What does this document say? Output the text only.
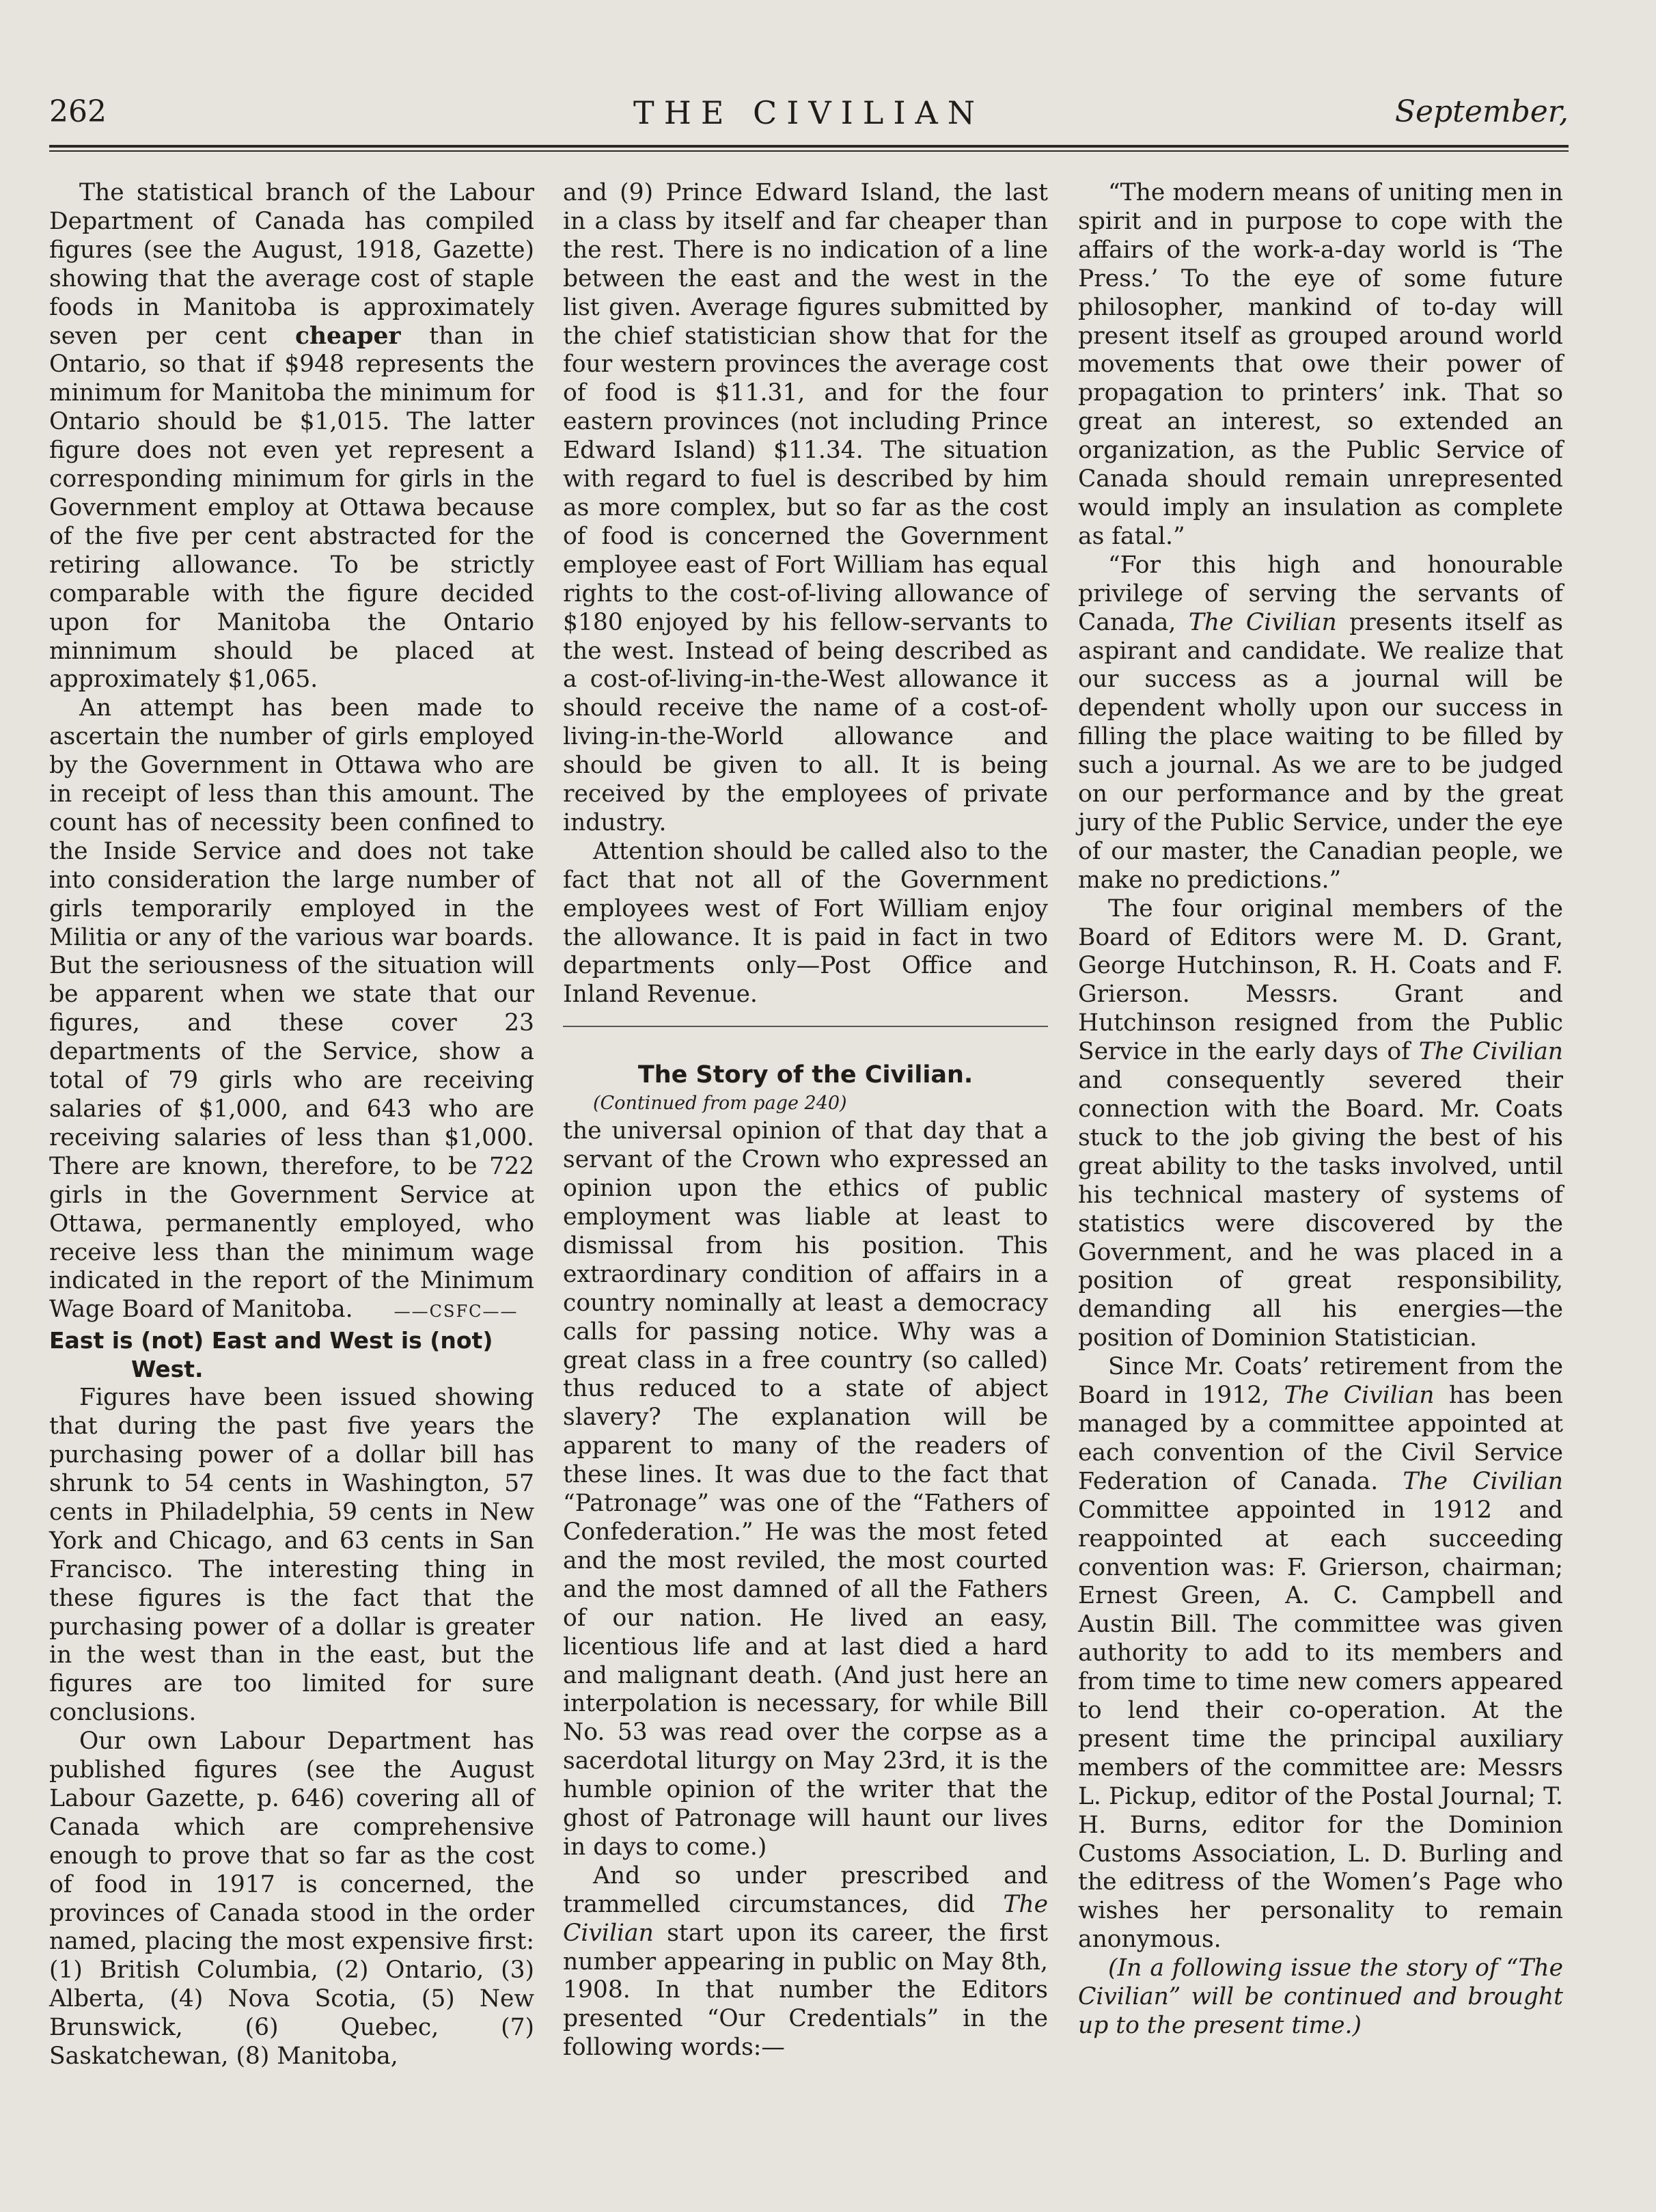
262	THE CIVILIAN	September,

The statistical branch of the Labour Department of Canada has compiled figures (see the August, 1918, Gazette) showing that the average cost of staple foods in Manitoba is approximately seven per cent cheaper than in Ontario, so that if $948 represents the minimum for Manitoba the minimum for Ontario should be $1,015. The latter figure does not even yet represent a corresponding minimum for girls in the Government employ at Ottawa because of the five per cent abstracted for the retiring allowance. To be strictly comparable with the figure decided upon for Manitoba the Ontario minnimum should be placed at approximately $1,065.

An attempt has been made to ascertain the number of girls employed by the Government in Ottawa who are in receipt of less than this amount. The count has of necessity been confined to the Inside Service and does not take into consideration the large number of girls temporarily employed in the Militia or any of the various war boards. But the seriousness of the situation will be apparent when we state that our figures, and these cover 23 departments of the Service, show a total of 79 girls who are receiving salaries of $1,000, and 643 who are receiving salaries of less than $1,000. There are known, therefore, to be 722 girls in the Government Service at Ottawa, permanently employed, who receive less than the minimum wage indicated in the report of the Minimum Wage Board of Manitoba.	——CSFC——

East is (not) East and West is (not)
West.

Figures have been issued showing that during the past five years the purchasing power of a dollar bill has shrunk to 54 cents in Washington, 57 cents in Philadelphia, 59 cents in New York and Chicago, and 63 cents in San Francisco. The interesting thing in these figures is the fact that the purchasing power of a dollar is greater in the west than in the east, but the figures are too limited for sure conclusions.

Our own Labour Department has published figures (see the August Labour Gazette, p. 646) covering all of Canada which are comprehensive enough to prove that so far as the cost of food in 1917 is concerned, the provinces of Canada stood in the order named, placing the most expensive first: (1) British Columbia, (2) Ontario, (3) Alberta, (4) Nova Scotia, (5) New Brunswick, (6) Quebec, (7) Saskatchewan, (8) Manitoba,

and (9) Prince Edward Island, the last in a class by itself and far cheaper than the rest. There is no indication of a line between the east and the west in the list given. Average figures submitted by the chief statistician show that for the four western provinces the average cost of food is $11.31, and for the four eastern provinces (not including Prince Edward Island) $11.34. The situation with regard to fuel is described by him as more complex, but so far as the cost of food is concerned the Government employee east of Fort William has equal rights to the cost-of-living allowance of $180 enjoyed by his fellow-servants to the west. Instead of being described as a cost-of-living-in-the-West allowance it should receive the name of a cost-of-living-in-the-World allowance and should be given to all. It is being received by the employees of private industry.

Attention should be called also to the fact that not all of the Government employees west of Fort William enjoy the allowance. It is paid in fact in two departments only—Post Office and Inland Revenue.

The Story of the Civilian.

(Continued from page 240)

the universal opinion of that day that a servant of the Crown who expressed an opinion upon the ethics of public employment was liable at least to dismissal from his position. This extraordinary condition of affairs in a country nominally at least a democracy calls for passing notice. Why was a great class in a free country (so called) thus reduced to a state of abject slavery? The explanation will be apparent to many of the readers of these lines. It was due to the fact that “Patronage” was one of the “Fathers of Confederation.” He was the most feted and the most reviled, the most courted and the most damned of all the Fathers of our nation. He lived an easy, licentious life and at last died a hard and malignant death. (And just here an interpolation is necessary, for while Bill No. 53 was read over the corpse as a sacerdotal liturgy on May 23rd, it is the humble opinion of the writer that the ghost of Patronage will haunt our lives in days to come.)

And so under prescribed and trammelled circumstances, did The Civilian start upon its career, the first number appearing in public on May 8th, 1908. In that number the Editors presented “Our Credentials” in the following words:—

“The modern means of uniting men in spirit and in purpose to cope with the affairs of the work-a-day world is ‘The Press.’ To the eye of some future philosopher, mankind of to-day will present itself as grouped around world movements that owe their power of propagation to printers’ ink. That so great an interest, so extended an organization, as the Public Service of Canada should remain unrepresented would imply an insulation as complete as fatal.”

“For this high and honourable privilege of serving the servants of Canada, The Civilian presents itself as aspirant and candidate. We realize that our success as a journal will be dependent wholly upon our success in filling the place waiting to be filled by such a journal. As we are to be judged on our performance and by the great jury of the Public Service, under the eye of our master, the Canadian people, we make no predictions.”

The four original members of the Board of Editors were M. D. Grant, George Hutchinson, R. H. Coats and F. Grierson. Messrs. Grant and Hutchinson resigned from the Public Service in the early days of The Civilian and consequently severed their connection with the Board. Mr. Coats stuck to the job giving the best of his great ability to the tasks involved, until his technical mastery of systems of statistics were discovered by the Government, and he was placed in a position of great responsibility, demanding all his energies—the position of Dominion Statistician.

Since Mr. Coats’ retirement from the Board in 1912, The Civilian has been managed by a committee appointed at each convention of the Civil Service Federation of Canada. The Civilian Committee appointed in 1912 and reappointed at each succeeding convention was: F. Grierson, chairman; Ernest Green, A. C. Campbell and Austin Bill. The committee was given authority to add to its members and from time to time new comers appeared to lend their co-operation. At the present time the principal auxiliary members of the committee are: Messrs L. Pickup, editor of the Postal Journal; T. H. Burns, editor for the Dominion Customs Association, L. D. Burling and the editress of the Women’s Page who wishes her personality to remain anonymous.

(In a following issue the story of “The Civilian” will be continued and brought up to the present time.)
